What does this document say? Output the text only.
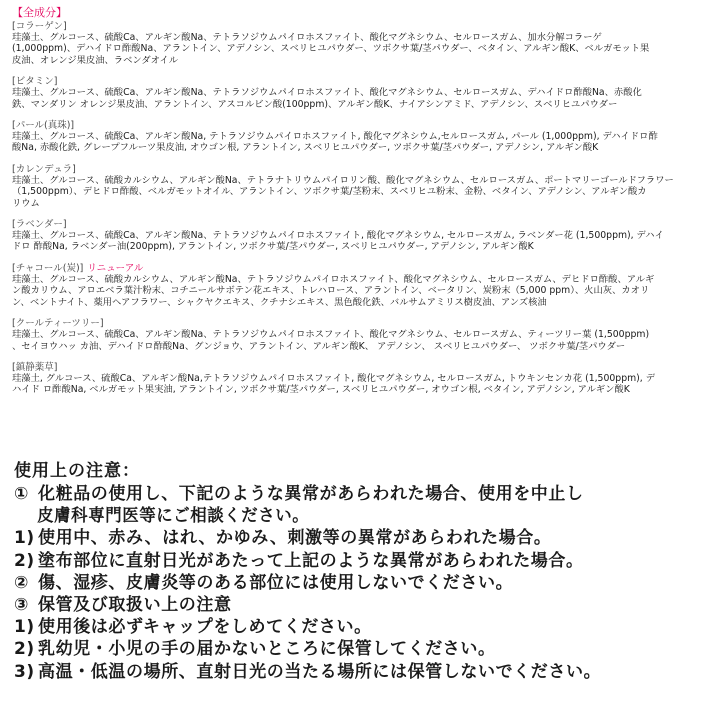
【全成分】
[コラーゲン]
珪藻土、グルコース、硫酸Ca、アルギン酸Na、テトラソジウムパイロホスファイト、酸化マグネシウム、セルロースガム、加水分解コラーゲ
(1,000ppm)、デハイドロ酢酸Na、アラントイン、アデノシン、スベリヒユパウダー、ツボクサ葉/茎パウダー、ベタイン、アルギン酸K、ベルガモット果
皮油、オレンジ果皮油、ラベンダオイル
[ビタミン]
珪藻土、グルコース、硫酸Ca、アルギン酸Na、テトラソジウムパイロホスファイト、酸化マグネシウム、セルロースガム、デハイドロ酢酸Na、赤酸化
鉄、マンダリン オレンジ果皮油、アラントイン、アスコルビン酸(100ppm)、アルギン酸K、ナイアシンアミド、アデノシン、スベリヒユパウダー
[パール(真珠)]
珪藻土、グルコース、硫酸Ca、アルギン酸Na, テトラソジウムパイロホスファイト, 酸化マグネシウム,セルロースガム, パール (1,000ppm), デハイドロ酢
酸Na, 赤酸化鉄, グレープフルーツ果皮油, オウゴン根, アラントイン, スベリヒユパウダー, ツボクサ葉/茎パウダー, アデノシン, アルギン酸K
[カレンデュラ]
珪藻土、グルコース、硫酸カルシウム、アルギン酸Na、テトラナトリウムパイロリン酸、酸化マグネシウム、セルロースガム、ポートマリーゴールドフラワー
（1,500ppm）、デヒドロ酢酸、ベルガモットオイル、アラントイン、ツボクサ葉/茎粉末、スベリヒユ粉末、金粉、ベタイン、アデノシン、アルギン酸カ
リウム
[ラベンダー]
珪藻土、グルコース、硫酸Ca、アルギン酸Na、テトラソジウムパイロホスファイト, 酸化マグネシウム, セルロースガム, ラベンダー花 (1,500ppm), デハイ
ドロ 酢酸Na, ラベンダー油(200ppm), アラントイン, ツボクサ葉/茎パウダー, スベリヒユパウダー, アデノシン, アルギン酸K
[チャコール(炭)] リニューアル
珪藻土、グルコース、硫酸カルシウム、アルギン酸Na、テトラソジウムパイロホスファイト、酸化マグネシウム、セルロースガム、デヒドロ酢酸、アルギ
ン酸カリウム、アロエベラ葉汁粉末、コチニールサボテン花エキス、トレハロース、アラントイン、ベータリン、炭粉末（5,000 ppm）、火山灰、カオリ
ン、ベントナイト、薬用ヘアフラワー、シャクヤクエキス、クチナシエキス、黒色酸化鉄、バルサムアミリス樹皮油、アンズ核油
[クールティーツリー]
珪藻土、グルコース、硫酸Ca、アルギン酸Na、テトラソジウムパイロホスファイト、酸化マグネシウム、セルロースガム、ティーツリー葉 (1,500ppm)
、セイヨウハッ カ油、デハイドロ酢酸Na、グンジョウ、アラントイン、アルギン酸K、 アデノシン、 スベリヒユパウダー、 ツボクサ葉/茎パウダー
[鎮静薬草]
珪藻土, グルコース、硫酸Ca、アルギン酸Na,テトラソジウムパイロホスファイト, 酸化マグネシウム, セルロースガム, トウキンセンカ花 (1,500ppm), デ
ハイド ロ酢酸Na, ベルガモット果実油, アラントイン, ツボクサ葉/茎パウダー, スベリヒユパウダー, オウゴン根, ベタイン, アデノシン, アルギン酸K
使用上の注意：
① 化粧品の使用し、下記のような異常があらわれた場合、使用を中止し
皮膚科専門医等にご相談ください。
1) 使用中、赤み、はれ、かゆみ、刺激等の異常があらわれた場合。
2) 塗布部位に直射日光があたって上記のような異常があらわれた場合。
② 傷、湿疹、皮膚炎等のある部位には使用しないでください。
③ 保管及び取扱い上の注意
1) 使用後は必ずキャップをしめてください。
2) 乳幼児・小児の手の届かないところに保管してください。
3) 高温・低温の場所、直射日光の当たる場所には保管しないでください。
